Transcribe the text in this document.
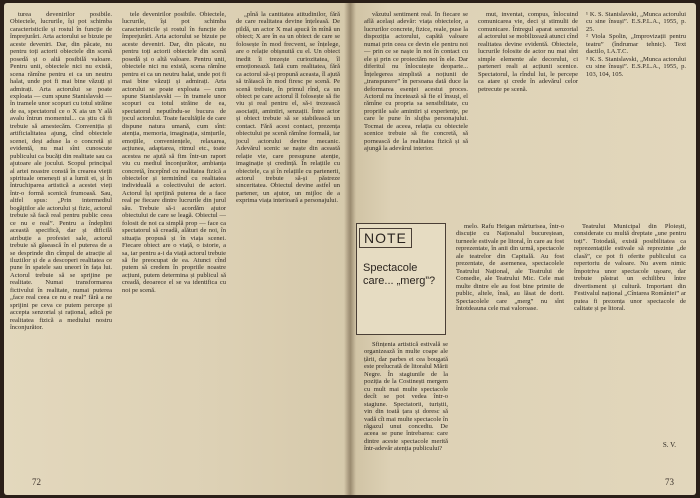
turea devenirilor posibile. Obiectele, lucrurile, își pot schimba caracteristicile și rostul în funcție de împrejurări. Arta actorului se bizuie pe aceste deveniri. Dar, din păcate, nu pentru toți actorii obiectele din scenă posedă și o altă posibilă valoare. Pentru unii, obiectele nici nu există, scena rămîne pentru ei ca un neutru halat, unde pot fi mai bine văzuți și admirați. Arta actorului se poate exploata — cum spune Stanislavski — în tramele unor scopuri cu totul străine de ea, spectatorul ce o X aia un Y ală avalu întrun momentul... ca știu că fi trebuie să amestecăm. Conveniția și artificialitatea ajung, cînd obiectele scenei, deși aduse la o concretă și evidentă, nu mai sînt cunoscute publicului ca bucăți din realitate sau ca ajutoare ale jocului. Scopul principal al artei noastre constă în crearea vieții spirituale omenești și a lumii ei, și în întruchiparea artistică a acestei vieți într-o formă scenică frumoasă. Sau, altfel spus: „Prin intermediul bogățiilor ale actorului și fizic, actorul trebuie să facă real pentru public ceea ce nu e real”. Pentru a îndeplini această specifică, dar și dificilă atribuție a profesiei sale, actorul trebuie să găsească în el puterea de a se desprinde din cîmpul de atracție al iluziilor și de a descoperi realitatea ce pune în spatele sau uneori în fața lui. Actorul trebuie să se sprijine pe realitate. Numai transformarea fictivului în realitate, numai puterea „face real ceea ce nu e real” fără a ne sprijini pe ceva ce putem percepe și accepta senzorial și rațional, adică pe realitatea fizică a mediului nostru înconjurător.

tele devenirilor posibile. Obiectele, lucrurile, își pot schimba caracteristicile și rostul în funcție de împrejurări. Arta actorului se bizuie pe aceste deveniri. Dar, din păcate, nu pentru toți actorii obiectele din scenă posedă și o altă valoare. Pentru unii, obiectele nici nu există, scena rămîne pentru ei ca un neutru halat, unde pot fi mai bine văzuți și admirați. Arta actorului se poate exploata — cum spune Stanislavski — în tramele unor scopuri cu totul străine de ea, spectatorul neputîndu-se bucura de jocul actorului. Toate facultățile de care dispune natura umană, cum sînt: atenția, memoria, imaginația, simțurile, emoțiile, conveniențele, relaxarea, acțiunea, adaptarea, ritmul etc., toate acestea ne ajută să fim într-un raport viu cu mediul înconjurător, ambianța concretă, începînd cu realitatea fizică a obiectelor și terminînd cu realitatea individuală a colectivului de actori. Actorul își sprijină puterea de a face real pe fiecare dintre lucrurile din jurul său. Trebuie să-i acordăm ajutor obiectului de care se leagă. Obiectul — folosit de noi ca simplă prop — face ca spectatorul să creadă, alături de noi, în situația propusă și în viața scenei. Fiecare obiect are o viață, o istorie, a sa, iar pentru a-i da viață actorul trebuie să fie preocupat de ea. Atunci cînd putem să credem în propriile noastre acțiuni, putem determina și publicul să creadă, deoarece el se va identifica cu noi pe scenă.

„pînă la cantitatea atitudinilor, fără de care realitatea devine înțeleasă. De pildă, un actor X mai apucă în mînă un obiect; X are în ea un obiect de care se folosește în mod frecvent, se înțelege, are o relație obișnuită cu el. Un obiect inedit îi trezește curiozitatea, îl emoționează. Iată cum realitatea, fără ca actorul să-și propună aceasta, îl ajută să trăiască în mod firesc pe scenă. Pe scenă trebuie, în primul rînd, ca un obiect pe care actorul îl folosește să fie viu și real pentru el, să-i trezească asociații, amintiri, senzații. Între actor și obiect trebuie să se stabilească un contact. Fără acest contact, prezența obiectului pe scenă rămîne formală, iar jocul actorului devine mecanic. Adevărul scenic se naște din această relație vie, care presupune atenție, imaginație și credință. În relațiile cu obiectele, ca și în relațiile cu partenerii, actorul trebuie să-și păstreze sinceritatea. Obiectul devine astfel un partener, un ajutor, un mijloc de a exprima viața interioară a personajului.

72

văzutul sentiment real. În fiecare se află același adevăr: viața obiectelor, a lucrurilor concrete, fizice, reale, puse la dispoziția actorului, capătă valoare numai prin ceea ce devin ele pentru noi — prin ce se naște în noi în contact cu ele și prin ce proiectăm noi în ele. Dar diferitul nu înlocuiește deoparte... Înțelegerea simplistă a noțiunii de „transpunere” în persoana dată duce la deformarea esenței acestui proces. Actorul nu încetează să fie el însuși, el rămîne cu propria sa sensibilitate, cu propriile sale amintiri și experiențe, pe care le pune în slujba personajului. Tocmai de aceea, relația cu obiectele scenice trebuie să fie concretă, să pornească de la realitatea fizică și să ajungă la adevărul interior.

mut, inventat, compus, înlocuind comunicarea vie, deci și stimulii de comunicare. Întregul aparat senzorial al actorului se mobilizează atunci cînd realitatea devine evidentă. Obiectele, lucrurile folosite de actor nu mai sînt simple elemente ale decorului, ci parteneri reali ai acțiunii scenice. Spectatorul, la rîndul lui, le percepe ca atare și crede în adevărul celor petrecute pe scenă.

¹ K. S. Stanislavski, „Munca actorului cu sine însuși”. E.S.P.L.A., 1955, p. 25.

² Viola Spolin, „Improvizații pentru teatru” (îndrumar tehnic). Text dactilo, I.A.T.C.

³ K. S. Stanislavski, „Munca actorului cu sine însuși”. E.S.P.L.A., 1955, p. 103, 104, 105.

NOTE
Spectacole care... „merg”?

Sfințenia artistică estivală se organizează în multe coape ale țării, dar parbes ei cea bougată este prelucrată de litoralul Mării Negre. În stagiunile de la poziția de la Costinești mergem cu mult mai multe spectacole decît se pot vedea într-o stagiune. Spectatorii, turiștii, vin din toată țara și doresc să vadă cît mai multe spectacole în răgazul unui concediu. De aceea se pune întrebarea: care dintre aceste spectacole merită într-adevăr atenția publicului?

melo. Rafu Heigan mărturisea, într-o discuție cu Naționalul bucureștean, turneele estivale pe litoral, în care au fost reprezentate, în anii din urmă, spectacole ale teatrelor din Capitală. Au fost prezentate, de asemenea, spectacolele Teatrului Național, ale Teatrului de Comedie, ale Teatrului Mic. Cele mai multe dintre ele au fost bine primite de public, altele, însă, au lăsat de dorit. Spectacolele care „merg” nu sînt întotdeauna cele mai valoroase.

Teatrului Municipal din Ploiești, considerate cu multă dreptate „une pentru toți”. Totodată, există posibilitatea ca reprezentațiile estivale să reprezinte „de clasă”, ce pot fi oferite publicului ca repertoriu de valoare. Nu avem nimic împotriva unor spectacole ușoare, dar trebuie păstrat un echilibru între divertisment și cultură. Important din Festivalul național „Cîntarea României” ar putea fi prezența unor spectacole de calitate și pe litoral.

S. V.
73
